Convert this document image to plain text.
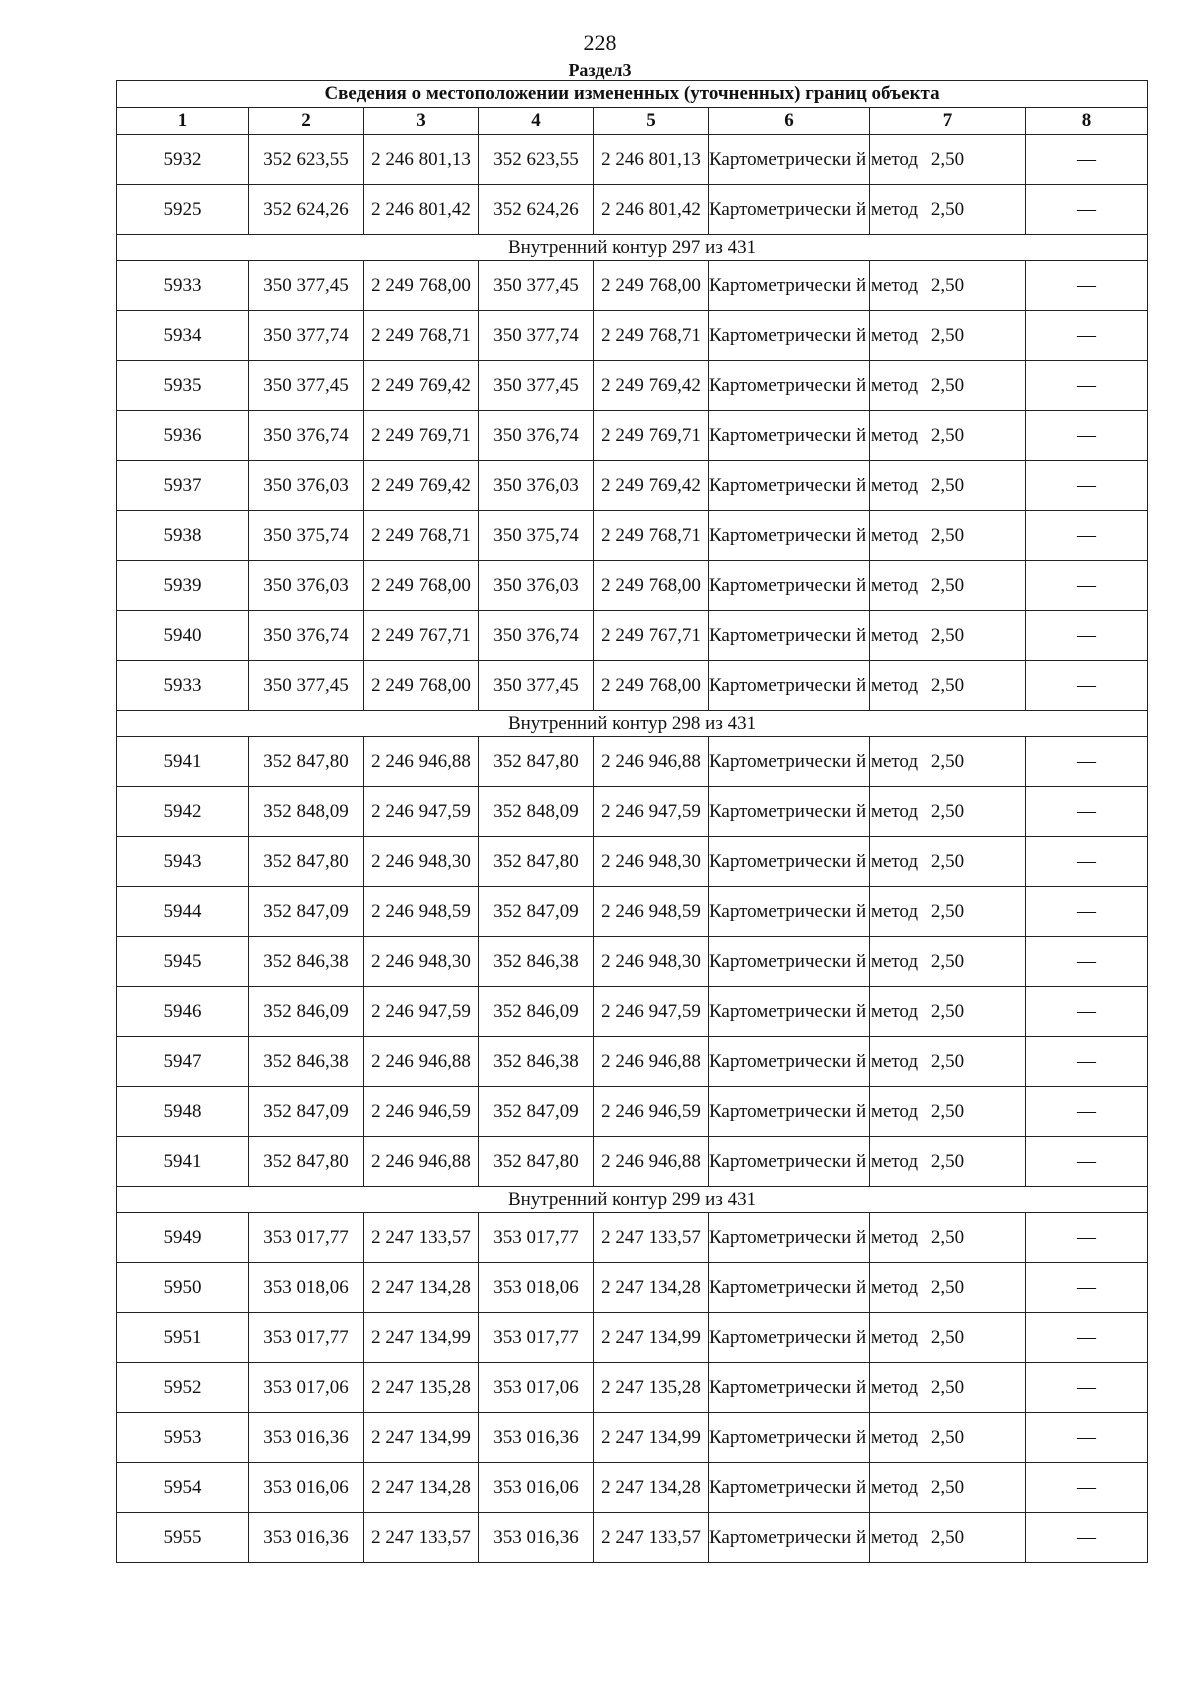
228
Раздел3
Сведения о местоположении измененных (уточненных) границ объекта							
1	2	3	4	5	6	7	8
5932	352 623,55	2 246 801,13	352 623,55	2 246 801,13	Картометрически й метод	2,50	—
5925	352 624,26	2 246 801,42	352 624,26	2 246 801,42	Картометрически й метод	2,50	—
Внутренний контур 297 из 431							
5933	350 377,45	2 249 768,00	350 377,45	2 249 768,00	Картометрически й метод	2,50	—
5934	350 377,74	2 249 768,71	350 377,74	2 249 768,71	Картометрически й метод	2,50	—
5935	350 377,45	2 249 769,42	350 377,45	2 249 769,42	Картометрически й метод	2,50	—
5936	350 376,74	2 249 769,71	350 376,74	2 249 769,71	Картометрически й метод	2,50	—
5937	350 376,03	2 249 769,42	350 376,03	2 249 769,42	Картометрически й метод	2,50	—
5938	350 375,74	2 249 768,71	350 375,74	2 249 768,71	Картометрически й метод	2,50	—
5939	350 376,03	2 249 768,00	350 376,03	2 249 768,00	Картометрически й метод	2,50	—
5940	350 376,74	2 249 767,71	350 376,74	2 249 767,71	Картометрически й метод	2,50	—
5933	350 377,45	2 249 768,00	350 377,45	2 249 768,00	Картометрически й метод	2,50	—
Внутренний контур 298 из 431							
5941	352 847,80	2 246 946,88	352 847,80	2 246 946,88	Картометрически й метод	2,50	—
5942	352 848,09	2 246 947,59	352 848,09	2 246 947,59	Картометрически й метод	2,50	—
5943	352 847,80	2 246 948,30	352 847,80	2 246 948,30	Картометрически й метод	2,50	—
5944	352 847,09	2 246 948,59	352 847,09	2 246 948,59	Картометрически й метод	2,50	—
5945	352 846,38	2 246 948,30	352 846,38	2 246 948,30	Картометрически й метод	2,50	—
5946	352 846,09	2 246 947,59	352 846,09	2 246 947,59	Картометрически й метод	2,50	—
5947	352 846,38	2 246 946,88	352 846,38	2 246 946,88	Картометрически й метод	2,50	—
5948	352 847,09	2 246 946,59	352 847,09	2 246 946,59	Картометрически й метод	2,50	—
5941	352 847,80	2 246 946,88	352 847,80	2 246 946,88	Картометрически й метод	2,50	—
Внутренний контур 299 из 431							
5949	353 017,77	2 247 133,57	353 017,77	2 247 133,57	Картометрически й метод	2,50	—
5950	353 018,06	2 247 134,28	353 018,06	2 247 134,28	Картометрически й метод	2,50	—
5951	353 017,77	2 247 134,99	353 017,77	2 247 134,99	Картометрически й метод	2,50	—
5952	353 017,06	2 247 135,28	353 017,06	2 247 135,28	Картометрически й метод	2,50	—
5953	353 016,36	2 247 134,99	353 016,36	2 247 134,99	Картометрически й метод	2,50	—
5954	353 016,06	2 247 134,28	353 016,06	2 247 134,28	Картометрически й метод	2,50	—
5955	353 016,36	2 247 133,57	353 016,36	2 247 133,57	Картометрически й метод	2,50	—
